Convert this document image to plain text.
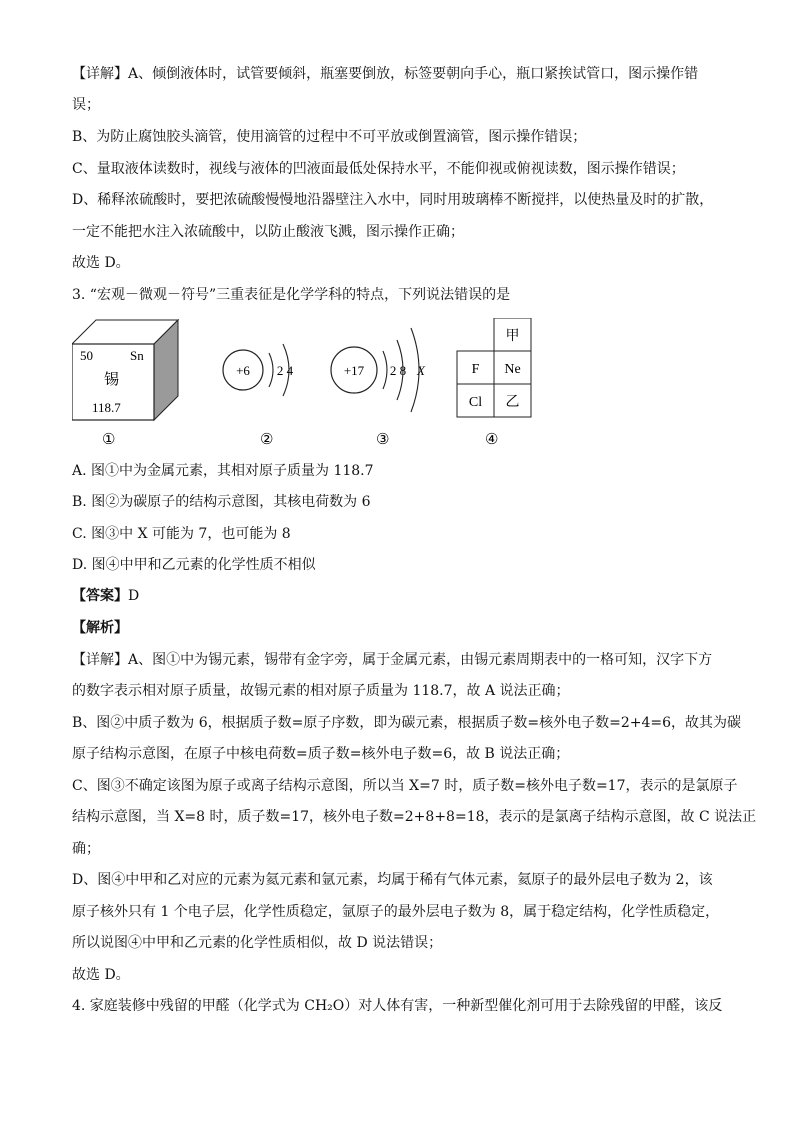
【详解】A、倾倒液体时，试管要倾斜，瓶塞要倒放，标签要朝向手心，瓶口紧挨试管口，图示操作错
误；
B、为防止腐蚀胶头滴管，使用滴管的过程中不可平放或倒置滴管，图示操作错误；
C、量取液体读数时，视线与液体的凹液面最低处保持水平，不能仰视或俯视读数，图示操作错误；
D、稀释浓硫酸时，要把浓硫酸慢慢地沿器壁注入水中，同时用玻璃棒不断搅拌，以使热量及时的扩散，
一定不能把水注入浓硫酸中，以防止酸液飞溅，图示操作正确；
故选 D。
3. “宏观－微观－符号”三重表征是化学学科的特点，下列说法错误的是
50	Sn
锡
118.7
①
+6 2 4
②
+17 2 8 X
③
甲
F Ne
Cl 乙
④
A. 图①中为金属元素，其相对原子质量为 118.7
B. 图②为碳原子的结构示意图，其核电荷数为 6
C. 图③中 X 可能为 7，也可能为 8
D. 图④中甲和乙元素的化学性质不相似
【答案】D
【解析】
【详解】A、图①中为锡元素，锡带有金字旁，属于金属元素，由锡元素周期表中的一格可知，汉字下方
的数字表示相对原子质量，故锡元素的相对原子质量为 118.7，故 A 说法正确；
B、图②中质子数为 6，根据质子数=原子序数，即为碳元素，根据质子数=核外电子数=2+4=6，故其为碳
原子结构示意图，在原子中核电荷数=质子数=核外电子数=6，故 B 说法正确；
C、图③不确定该图为原子或离子结构示意图，所以当 X=7 时，质子数=核外电子数=17，表示的是氯原子
结构示意图，当 X=8 时，质子数=17，核外电子数=2+8+8=18，表示的是氯离子结构示意图，故 C 说法正
确；
D、图④中甲和乙对应的元素为氦元素和氩元素，均属于稀有气体元素，氦原子的最外层电子数为 2，该
原子核外只有 1 个电子层，化学性质稳定，氩原子的最外层电子数为 8，属于稳定结构，化学性质稳定，
所以说图④中甲和乙元素的化学性质相似，故 D 说法错误；
故选 D。
4. 家庭装修中残留的甲醛（化学式为 CH₂O）对人体有害，一种新型催化剂可用于去除残留的甲醛，该反
